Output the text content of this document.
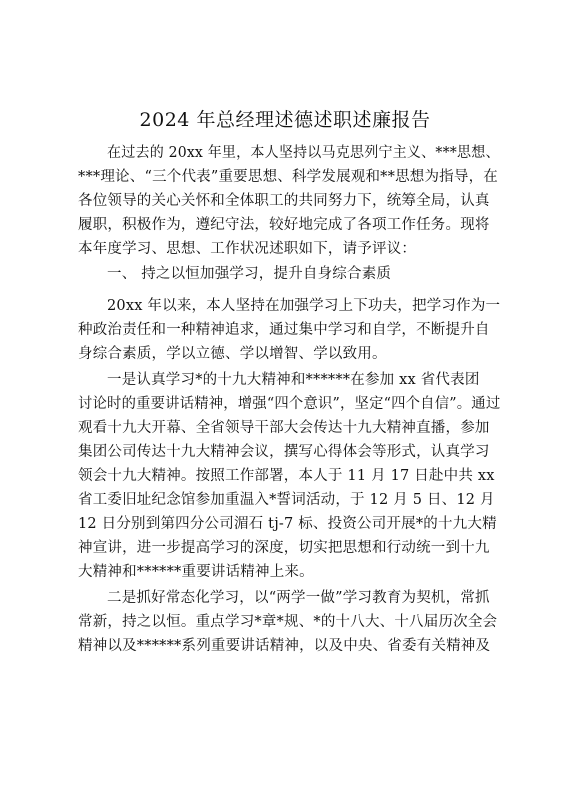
2024 年总经理述德述职述廉报告
在过去的 20xx 年里，本人坚持以马克思列宁主义、***思想、
***理论、“三个代表”重要思想、科学发展观和**思想为指导，在
各位领导的关心关怀和全体职工的共同努力下，统筹全局，认真
履职，积极作为，遵纪守法，较好地完成了各项工作任务。现将
本年度学习、思想、工作状况述职如下，请予评议：
一、 持之以恒加强学习，提升自身综合素质
20xx 年以来，本人坚持在加强学习上下功夫，把学习作为一
种政治责任和一种精神追求，通过集中学习和自学，不断提升自
身综合素质，学以立德、学以增智、学以致用。
一是认真学习*的十九大精神和******在参加 xx 省代表团
讨论时的重要讲话精神，增强“四个意识”，坚定“四个自信”。通过
观看十九大开幕、全省领导干部大会传达十九大精神直播，参加
集团公司传达十九大精神会议，撰写心得体会等形式，认真学习
领会十九大精神。按照工作部署，本人于 11 月 17 日赴中共 xx
省工委旧址纪念馆参加重温入*誓词活动，于 12 月 5 日、12 月
12 日分别到第四分公司湄石 tj-7 标、投资公司开展*的十九大精
神宣讲，进一步提高学习的深度，切实把思想和行动统一到十九
大精神和******重要讲话精神上来。
二是抓好常态化学习，以“两学一做”学习教育为契机，常抓
常新，持之以恒。重点学习*章*规、*的十八大、十八届历次全会
精神以及******系列重要讲话精神，以及中央、省委有关精神及
